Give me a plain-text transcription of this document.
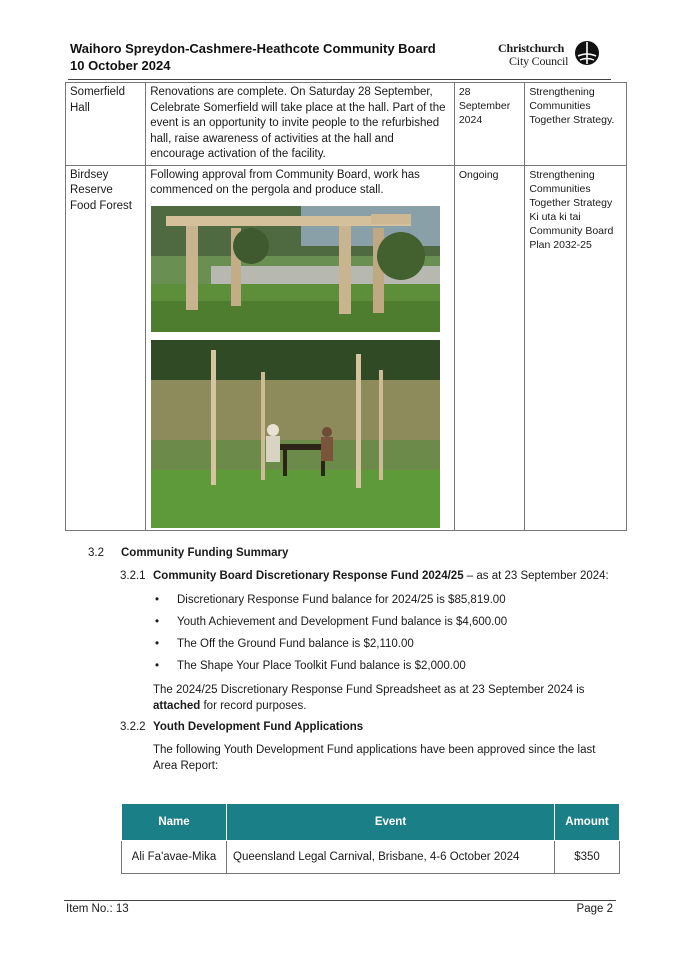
Waihoro Spreydon-Cashmere-Heathcote Community Board
10 October 2024
Christchurch
City Council
Somerfield Hall	Renovations are complete. On Saturday 28 September, Celebrate Somerfield will take place at the hall. Part of the event is an opportunity to invite people to the refurbished hall, raise awareness of activities at the hall and encourage activation of the facility.	28 September 2024	Strengthening Communities Together Strategy.
Birdsey Reserve Food Forest	Following approval from Community Board, work has commenced on the pergola and produce stall.	Ongoing	Strengthening Communities Together Strategy Ki uta ki tai Community Board Plan 2032-25
3.2 Community Funding Summary
3.2.1 Community Board Discretionary Response Fund 2024/25 – as at 23 September 2024:
• Discretionary Response Fund balance for 2024/25 is $85,819.00
• Youth Achievement and Development Fund balance is $4,600.00
• The Off the Ground Fund balance is $2,110.00
• The Shape Your Place Toolkit Fund balance is $2,000.00
The 2024/25 Discretionary Response Fund Spreadsheet as at 23 September 2024 is attached for record purposes.
3.2.2 Youth Development Fund Applications
The following Youth Development Fund applications have been approved since the last Area Report:
Name	Event	Amount
Ali Fa'avae-Mika	Queensland Legal Carnival, Brisbane, 4-6 October 2024	$350
Item No.: 13	Page 2
